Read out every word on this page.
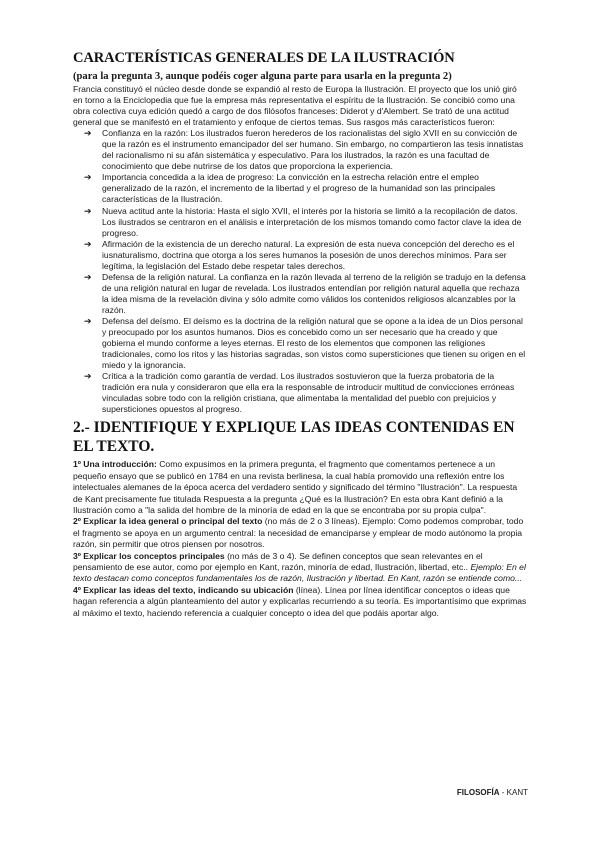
CARACTERÍSTICAS GENERALES DE LA ILUSTRACIÓN
(para la pregunta 3, aunque podéis coger alguna parte para usarla en la pregunta 2)

Francia constituyó el núcleo desde donde se expandió al resto de Europa la Ilustración. El proyecto que los unió giró en torno a la Enciclopedia que fue la empresa más representativa el espíritu de la Ilustración. Se concibió como una obra colectiva cuya edición quedó a cargo de dos filósofos franceses: Diderot y d'Alembert. Se trató de una actitud general que se manifestó en el tratamiento y enfoque de ciertos temas. Sus rasgos más característicos fueron:

➔ Confianza en la razón: Los ilustrados fueron herederos de los racionalistas del siglo XVII en su convicción de que la razón es el instrumento emancipador del ser humano. Sin embargo, no compartieron las tesis innatistas del racionalismo ni su afán sistemática y especulativo. Para los ilustrados, la razón es una facultad de conocimiento que debe nutrirse de los datos que proporciona la experiencia.
➔ Importancia concedida a la idea de progreso: La convicción en la estrecha relación entre el empleo generalizado de la razón, el incremento de la libertad y el progreso de la humanidad son las principales características de la Ilustración.
➔ Nueva actitud ante la historia: Hasta el siglo XVII, el interés por la historia se limitó a la recopilación de datos. Los ilustrados se centraron en el análisis e interpretación de los mismos tomando como factor clave la idea de progreso.
➔ Afirmación de la existencia de un derecho natural. La expresión de esta nueva concepción del derecho es el iusnaturalismo, doctrina que otorga a los seres humanos la posesión de unos derechos mínimos. Para ser legítima, la legislación del Estado debe respetar tales derechos.
➔ Defensa de la religión natural. La confianza en la razón llevada al terreno de la religión se tradujo en la defensa de una religión natural en lugar de revelada. Los ilustrados entendían por religión natural aquella que rechaza la idea misma de la revelación divina y sólo admite como válidos los contenidos religiosos alcanzables por la razón.
➔ Defensa del deísmo. El deísmo es la doctrina de la religión natural que se opone a la idea de un Dios personal y preocupado por los asuntos humanos. Dios es concebido como un ser necesario que ha creado y que gobierna el mundo conforme a leyes eternas. El resto de los elementos que componen las religiones tradicionales, como los ritos y las historias sagradas, son vistos como supersticiones que tienen su origen en el miedo y la ignorancia.
➔ Crítica a la tradición como garantía de verdad. Los ilustrados sostuvieron que la fuerza probatoria de la tradición era nula y consideraron que ella era la responsable de introducir multitud de convicciones erróneas vinculadas sobre todo con la religión cristiana, que alimentaba la mentalidad del pueblo con prejuicios y supersticiones opuestos al progreso.
2.- IDENTIFIQUE Y EXPLIQUE LAS IDEAS CONTENIDAS EN EL TEXTO.

1º Una introducción: Como expusimos en la primera pregunta, el fragmento que comentamos pertenece a un pequeño ensayo que se publicó en 1784 en una revista berlinesa, la cual había promovido una reflexión entre los intelectuales alemanes de la época acerca del verdadero sentido y significado del término "Ilustración". La respuesta de Kant precisamente fue titulada Respuesta a la pregunta ¿Qué es la Ilustración? En esta obra Kant definió a la Ilustración como a "la salida del hombre de la minoría de edad en la que se encontraba por su propia culpa".

2º Explicar la idea general o principal del texto (no más de 2 o 3 líneas). Ejemplo: Como podemos comprobar, todo el fragmento se apoya en un argumento central: la necesidad de emanciparse y emplear de modo autónomo la propia razón, sin permitir que otros piensen por nosotros.

3º Explicar los conceptos principales (no más de 3 o 4). Se definen conceptos que sean relevantes en el pensamiento de ese autor, como por ejemplo en Kant, razón, minoría de edad, Ilustración, libertad, etc.. Ejemplo: En el texto destacan como conceptos fundamentales los de razón, Ilustración y libertad. En Kant, razón se entiende como...

4º Explicar las ideas del texto, indicando su ubicación (línea). Línea por línea identificar conceptos o ideas que hagan referencia a algún planteamiento del autor y explicarlas recurriendo a su teoría. Es importantísimo que exprimas al máximo el texto, haciendo referencia a cualquier concepto o idea del que podáis aportar algo.

FILOSOFÍA - KANT
